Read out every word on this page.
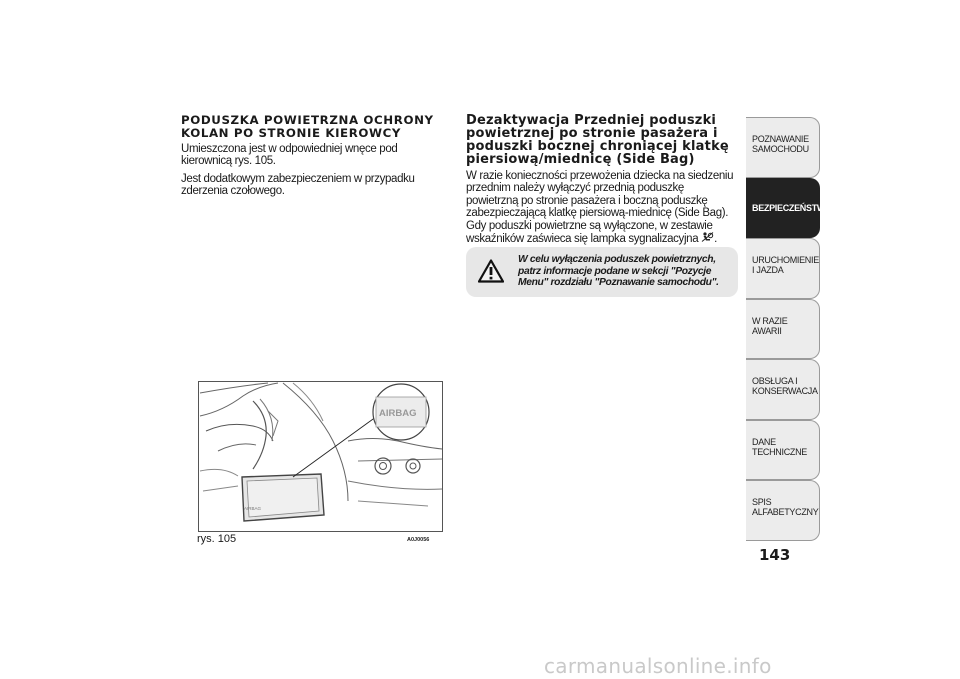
PODUSZKA POWIETRZNA OCHRONY KOLAN PO STRONIE KIEROWCY

Umieszczona jest w odpowiedniej wnęce pod kierownicą rys. 105.

Jest dodatkowym zabezpieczeniem w przypadku zderzenia czołowego.

Dezaktywacja Przedniej poduszki powietrznej po stronie pasażera i poduszki bocznej chroniącej klatkę piersiową/miednicę (Side Bag)

W razie konieczności przewożenia dziecka na siedzeniu przednim należy wyłączyć przednią poduszkę powietrzną po stronie pasażera i boczną poduszkę zabezpieczającą klatkę piersiową-miednicę (Side Bag). Gdy poduszki powietrzne są wyłączone, w zestawie wskaźników zaświeca się lampka sygnalizacyjna .

W celu wyłączenia poduszek powietrznych, patrz informacje podane w sekcji "Pozycje Menu" rozdziału "Poznawanie samochodu".
AIRBAG
AIRBAG
rys. 105	A0J0056
POZNAWANIE SAMOCHODU
BEZPIECZEŃSTWO
URUCHOMIENIE I JAZDA
W RAZIE AWARII
OBSŁUGA I KONSERWACJA
DANE TECHNICZNE
SPIS ALFABETYCZNY
143
carmanualsonline.info
